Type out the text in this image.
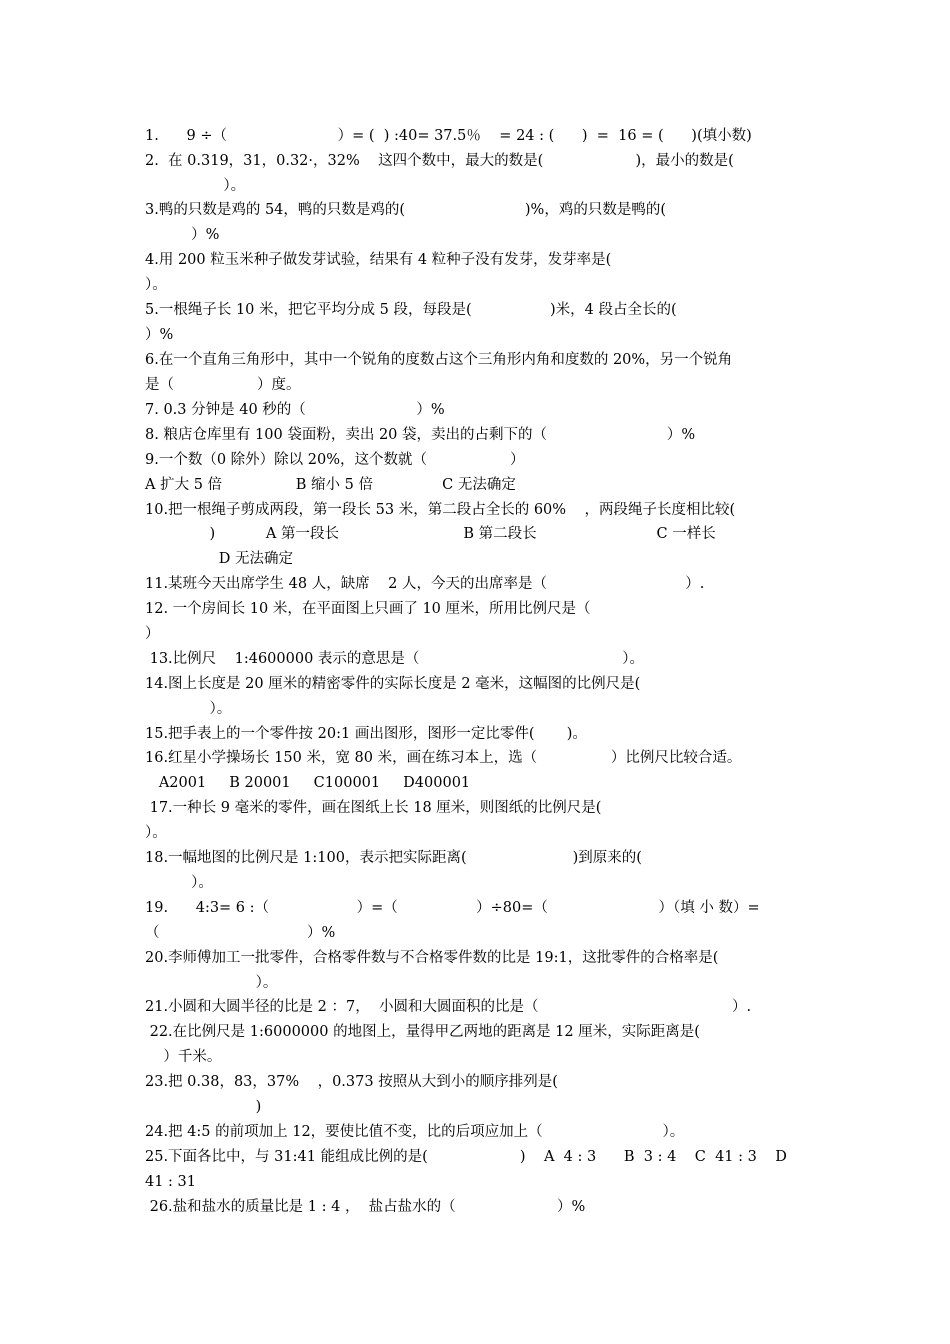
1.      9 ÷（                        ）= (  ) :40= 37.5％    = 24 : (      )  =  16 = (      )(填小数)
2.  在 0.319，31，0.32·，32%    这四个数中，最大的数是(                    )，最小的数是(
）。
3.鸭的只数是鸡的 54，鸭的只数是鸡的(                          )%，鸡的只数是鸭的(
）%
4.用 200 粒玉米种子做发芽试验，结果有 4 粒种子没有发芽，发芽率是(
）。
5.一根绳子长 10 米，把它平均分成 5 段，每段是(                 )米，4 段占全长的(
）%
6.在一个直角三角形中，其中一个锐角的度数占这个三角形内角和度数的 20%，另一个锐角
是（                  ）度。
7. 0.3 分钟是 40 秒的（                        ）%
8. 粮店仓库里有 100 袋面粉，卖出 20 袋，卖出的占剩下的（                          ）%
9.一个数（0 除外）除以 20%，这个数就（                  ）
A 扩大 5 倍                B 缩小 5 倍               C 无法确定
10.把一根绳子剪成两段，第一段长 53 米，第二段占全长的 60%    ，两段绳子长度相比较(
)           A 第一段长                           B 第二段长                          C 一样长
D 无法确定
11.某班今天出席学生 48 人，缺席    2 人，今天的出席率是（                              ）.
12. 一个房间长 10 米，在平面图上只画了 10 厘米，所用比例尺是（
）
13.比例尺    1:4600000 表示的意思是（                                            ）。
14.图上长度是 20 厘米的精密零件的实际长度是 2 毫米，这幅图的比例尺是(
）。
15.把手表上的一个零件按 20:1 画出图形，图形一定比零件(       )。
16.红星小学操场长 150 米，宽 80 米，画在练习本上，选（                ）比例尺比较合适。
A2001     B 20001     C100001     D400001
17.一种长 9 毫米的零件，画在图纸上长 18 厘米，则图纸的比例尺是(
）。
18.一幅地图的比例尺是 1:100，表示把实际距离(                       )到原来的(
）。
19.      4:3= 6 :（                   ）=（                 ）÷80=（                        ）（填 小 数）=
（                                ）%
20.李师傅加工一批零件，合格零件数与不合格零件数的比是 19:1，这批零件的合格率是(
）。
21.小圆和大圆半径的比是 2 ：7，  小圆和大圆面积的比是（                                          ）.
22.在比例尺是 1:6000000 的地图上，量得甲乙两地的距离是 12 厘米，实际距离是(
）千米。
23.把 0.38，83，37%    ，0.373 按照从大到小的顺序排列是(
)
24.把 4:5 的前项加上 12，要使比值不变，比的后项应加上（                          ）。
25.下面各比中，与 31:41 能组成比例的是(                    )    A  4 : 3      B  3 : 4    C  41 : 3    D
41 : 31
26.盐和盐水的质量比是 1 : 4 ，  盐占盐水的（                      ）%
